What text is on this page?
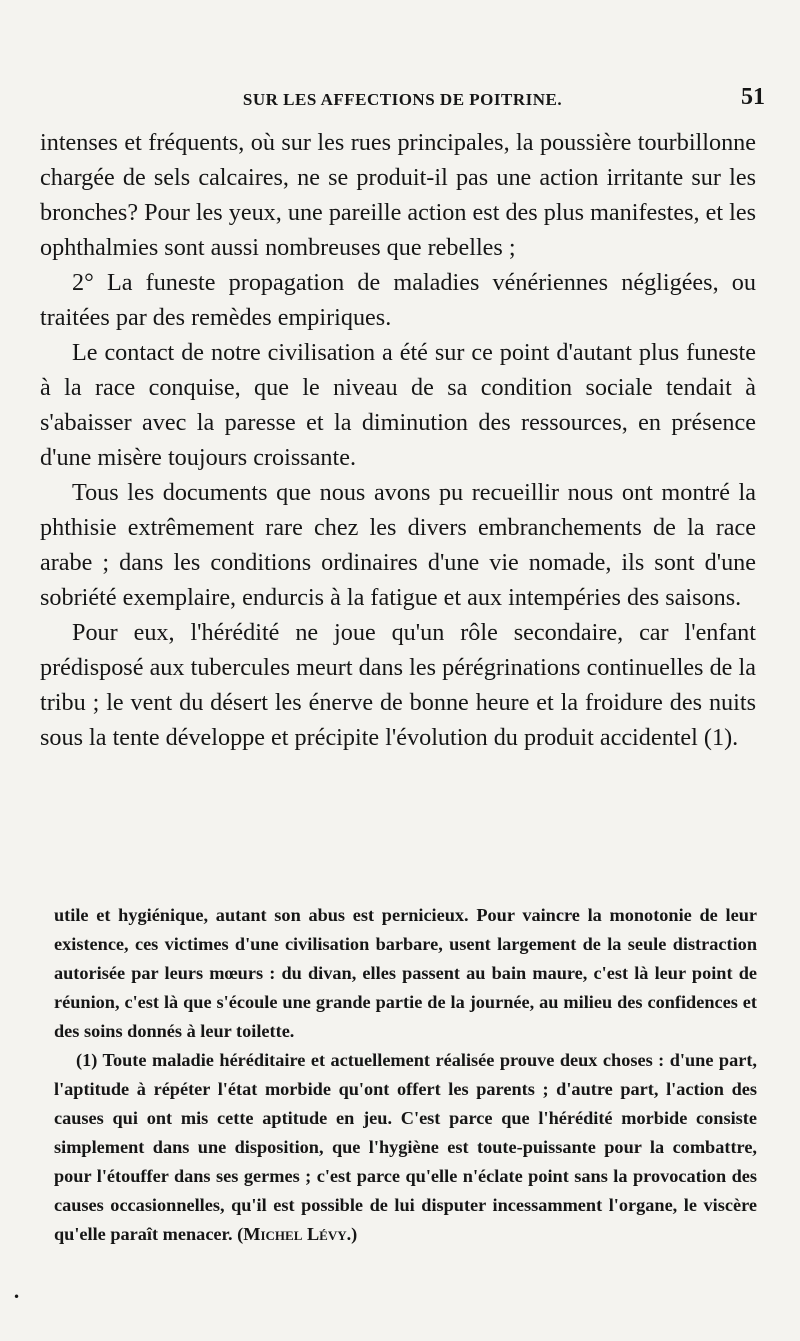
SUR LES AFFECTIONS DE POITRINE.	51

intenses et fréquents, où sur les rues principales, la poussière tourbillonne chargée de sels calcaires, ne se produit-il pas une action irritante sur les bronches? Pour les yeux, une pareille action est des plus manifestes, et les ophthalmies sont aussi nombreuses que rebelles ;

2° La funeste propagation de maladies vénériennes négligées, ou traitées par des remèdes empiriques.

Le contact de notre civilisation a été sur ce point d'autant plus funeste à la race conquise, que le niveau de sa condition sociale tendait à s'abaisser avec la paresse et la diminution des ressources, en présence d'une misère toujours croissante.

Tous les documents que nous avons pu recueillir nous ont montré la phthisie extrêmement rare chez les divers embranchements de la race arabe ; dans les conditions ordinaires d'une vie nomade, ils sont d'une sobriété exemplaire, endurcis à la fatigue et aux intempéries des saisons.

Pour eux, l'hérédité ne joue qu'un rôle secondaire, car l'enfant prédisposé aux tubercules meurt dans les pérégrinations continuelles de la tribu ; le vent du désert les énerve de bonne heure et la froidure des nuits sous la tente développe et précipite l'évolution du produit accidentel (1).

utile et hygiénique, autant son abus est pernicieux. Pour vaincre la monotonie de leur existence, ces victimes d'une civilisation barbare, usent largement de la seule distraction autorisée par leurs mœurs : du divan, elles passent au bain maure, c'est là leur point de réunion, c'est là que s'écoule une grande partie de la journée, au milieu des confidences et des soins donnés à leur toilette.

(1) Toute maladie héréditaire et actuellement réalisée prouve deux choses : d'une part, l'aptitude à répéter l'état morbide qu'ont offert les parents ; d'autre part, l'action des causes qui ont mis cette aptitude en jeu. C'est parce que l'hérédité morbide consiste simplement dans une disposition, que l'hygiène est toute-puissante pour la combattre, pour l'étouffer dans ses germes ; c'est parce qu'elle n'éclate point sans la provocation des causes occasionnelles, qu'il est possible de lui disputer incessamment l'organe, le viscère qu'elle paraît menacer. (Michel Lévy.)

•
